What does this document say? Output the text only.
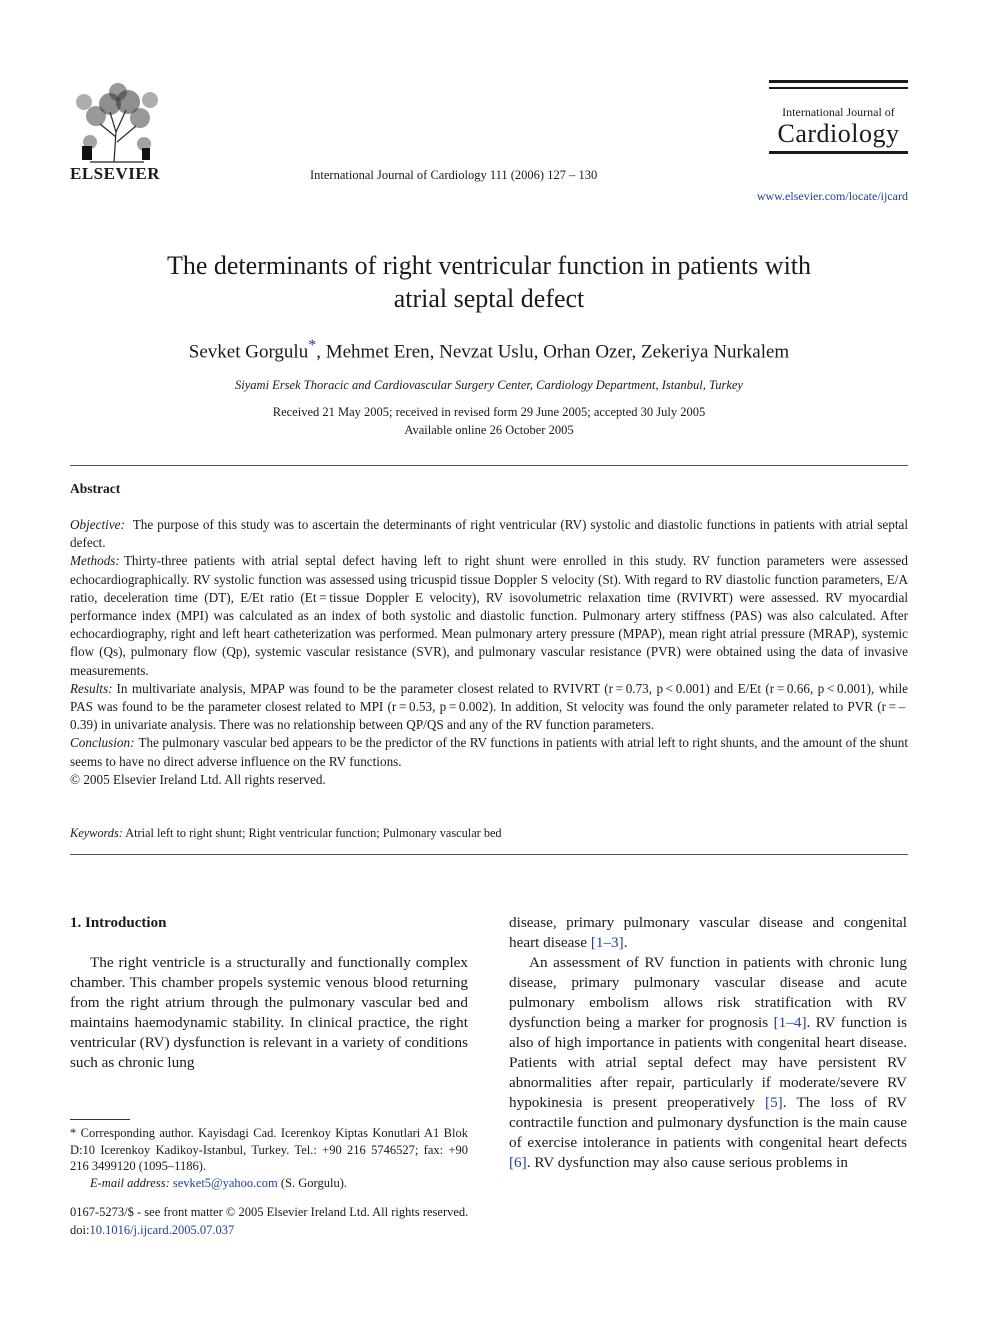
ELSEVIER	International Journal of Cardiology 111 (2006) 127 – 130
International Journal of
Cardiology
www.elsevier.com/locate/ijcard
The determinants of right ventricular function in patients with
atrial septal defect
Sevket Gorgulu*, Mehmet Eren, Nevzat Uslu, Orhan Ozer, Zekeriya Nurkalem
Siyami Ersek Thoracic and Cardiovascular Surgery Center, Cardiology Department, Istanbul, Turkey
Received 21 May 2005; received in revised form 29 June 2005; accepted 30 July 2005
Available online 26 October 2005
Abstract

Objective: The purpose of this study was to ascertain the determinants of right ventricular (RV) systolic and diastolic functions in patients with atrial septal defect.

Methods: Thirty-three patients with atrial septal defect having left to right shunt were enrolled in this study. RV function parameters were assessed echocardiographically. RV systolic function was assessed using tricuspid tissue Doppler S velocity (St). With regard to RV diastolic function parameters, E/A ratio, deceleration time (DT), E/Et ratio (Et = tissue Doppler E velocity), RV isovolumetric relaxation time (RVIVRT) were assessed. RV myocardial performance index (MPI) was calculated as an index of both systolic and diastolic function. Pulmonary artery stiffness (PAS) was also calculated. After echocardiography, right and left heart catheterization was performed. Mean pulmonary artery pressure (MPAP), mean right atrial pressure (MRAP), systemic flow (Qs), pulmonary flow (Qp), systemic vascular resistance (SVR), and pulmonary vascular resistance (PVR) were obtained using the data of invasive measurements.

Results: In multivariate analysis, MPAP was found to be the parameter closest related to RVIVRT (r = 0.73, p < 0.001) and E/Et (r = 0.66, p < 0.001), while PAS was found to be the parameter closest related to MPI (r = 0.53, p = 0.002). In addition, St velocity was found the only parameter related to PVR (r = – 0.39) in univariate analysis. There was no relationship between QP/QS and any of the RV function parameters.

Conclusion: The pulmonary vascular bed appears to be the predictor of the RV functions in patients with atrial left to right shunts, and the amount of the shunt seems to have no direct adverse influence on the RV functions.

© 2005 Elsevier Ireland Ltd. All rights reserved.

Keywords: Atrial left to right shunt; Right ventricular function; Pulmonary vascular bed

1. Introduction

The right ventricle is a structurally and functionally complex chamber. This chamber propels systemic venous blood returning from the right atrium through the pulmonary vascular bed and maintains haemodynamic stability. In clinical practice, the right ventricular (RV) dysfunction is relevant in a variety of conditions such as chronic lung

disease, primary pulmonary vascular disease and congenital heart disease [1–3].

An assessment of RV function in patients with chronic lung disease, primary pulmonary vascular disease and acute pulmonary embolism allows risk stratification with RV dysfunction being a marker for prognosis [1–4]. RV function is also of high importance in patients with congenital heart disease. Patients with atrial septal defect may have persistent RV abnormalities after repair, particularly if moderate/severe RV hypokinesia is present preoperatively [5]. The loss of RV contractile function and pulmonary dysfunction is the main cause of exercise intolerance in patients with congenital heart defects [6]. RV dysfunction may also cause serious problems in

* Corresponding author. Kayisdagi Cad. Icerenkoy Kiptas Konutlari A1 Blok D:10 Icerenkoy Kadikoy-Istanbul, Turkey. Tel.: +90 216 5746527; fax: +90 216 3499120 (1095–1186).

E-mail address: sevket5@yahoo.com (S. Gorgulu).

0167-5273/$ - see front matter © 2005 Elsevier Ireland Ltd. All rights reserved.
doi:10.1016/j.ijcard.2005.07.037
